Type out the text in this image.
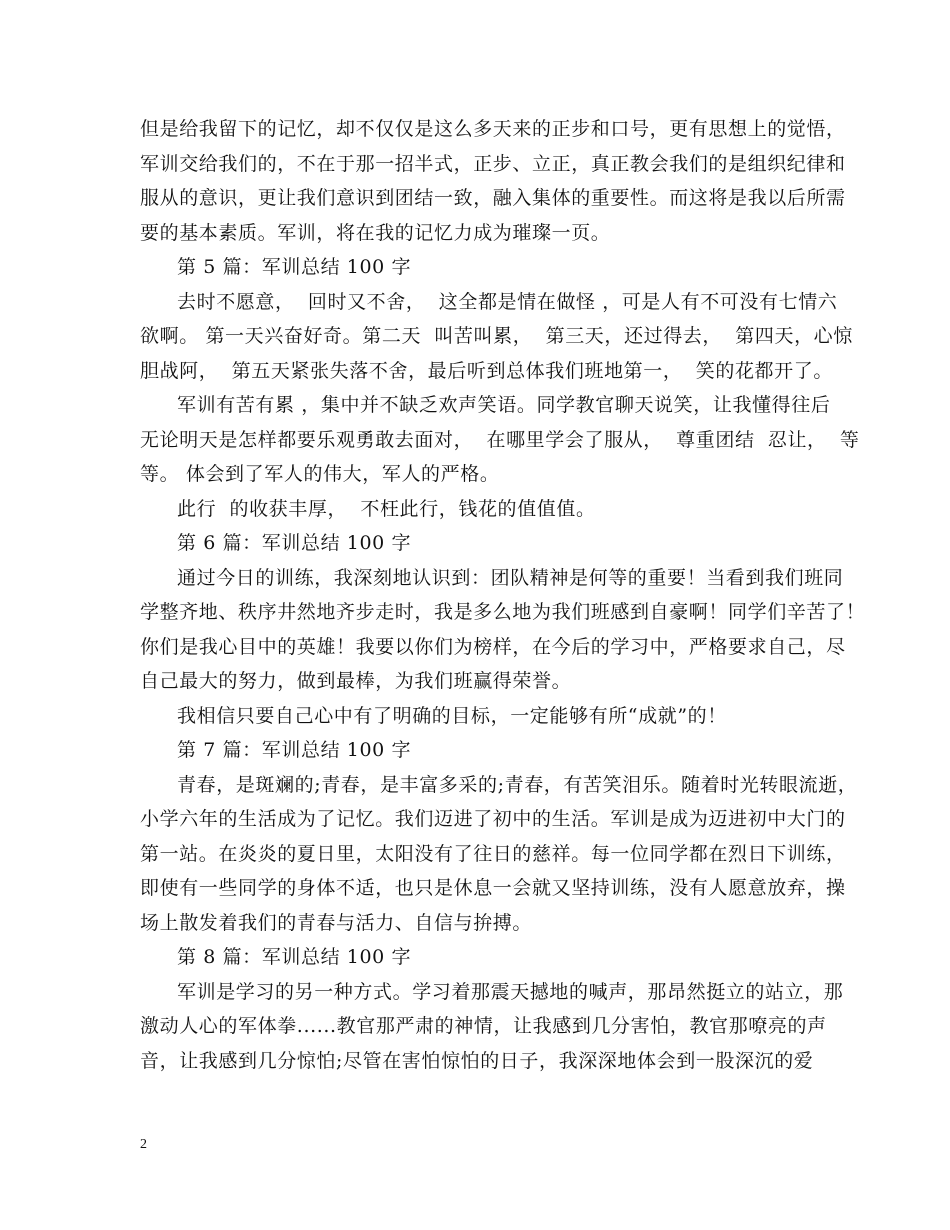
但是给我留下的记忆，却不仅仅是这么多天来的正步和口号，更有思想上的觉悟，
军训交给我们的，不在于那一招半式，正步、立正，真正教会我们的是组织纪律和
服从的意识，更让我们意识到团结一致，融入集体的重要性。而这将是我以后所需
要的基本素质。军训，将在我的记忆力成为璀璨一页。
第 5 篇：军训总结 100 字
去时不愿意，  回时又不舍，  这全都是情在做怪 ，可是人有不可没有七情六
欲啊。 第一天兴奋好奇。第二天  叫苦叫累，  第三天，还过得去，  第四天，心惊
胆战阿，  第五天紧张失落不舍，最后听到总体我们班地第一，  笑的花都开了。
军训有苦有累 ，集中并不缺乏欢声笑语。同学教官聊天说笑，让我懂得往后
无论明天是怎样都要乐观勇敢去面对，  在哪里学会了服从，  尊重团结  忍让，  等
等。 体会到了军人的伟大，军人的严格。
此行  的收获丰厚，  不枉此行，钱花的值值值。
第 6 篇：军训总结 100 字
通过今日的训练，我深刻地认识到：团队精神是何等的重要！当看到我们班同
学整齐地、秩序井然地齐步走时，我是多么地为我们班感到自豪啊！同学们辛苦了！
你们是我心目中的英雄！我要以你们为榜样，在今后的学习中，严格要求自己，尽
自己最大的努力，做到最棒，为我们班赢得荣誉。
我相信只要自己心中有了明确的目标，一定能够有所“成就”的！
第 7 篇：军训总结 100 字
青春，是斑斓的;青春，是丰富多采的;青春，有苦笑泪乐。随着时光转眼流逝，
小学六年的生活成为了记忆。我们迈进了初中的生活。军训是成为迈进初中大门的
第一站。在炎炎的夏日里，太阳没有了往日的慈祥。每一位同学都在烈日下训练，
即使有一些同学的身体不适，也只是休息一会就又坚持训练，没有人愿意放弃，操
场上散发着我们的青春与活力、自信与拚搏。
第 8 篇：军训总结 100 字
军训是学习的另一种方式。学习着那震天撼地的喊声，那昂然挺立的站立，那
激动人心的军体拳......教官那严肃的神情，让我感到几分害怕，教官那嘹亮的声
音，让我感到几分惊怕;尽管在害怕惊怕的日子，我深深地体会到一股深沉的爱
2
